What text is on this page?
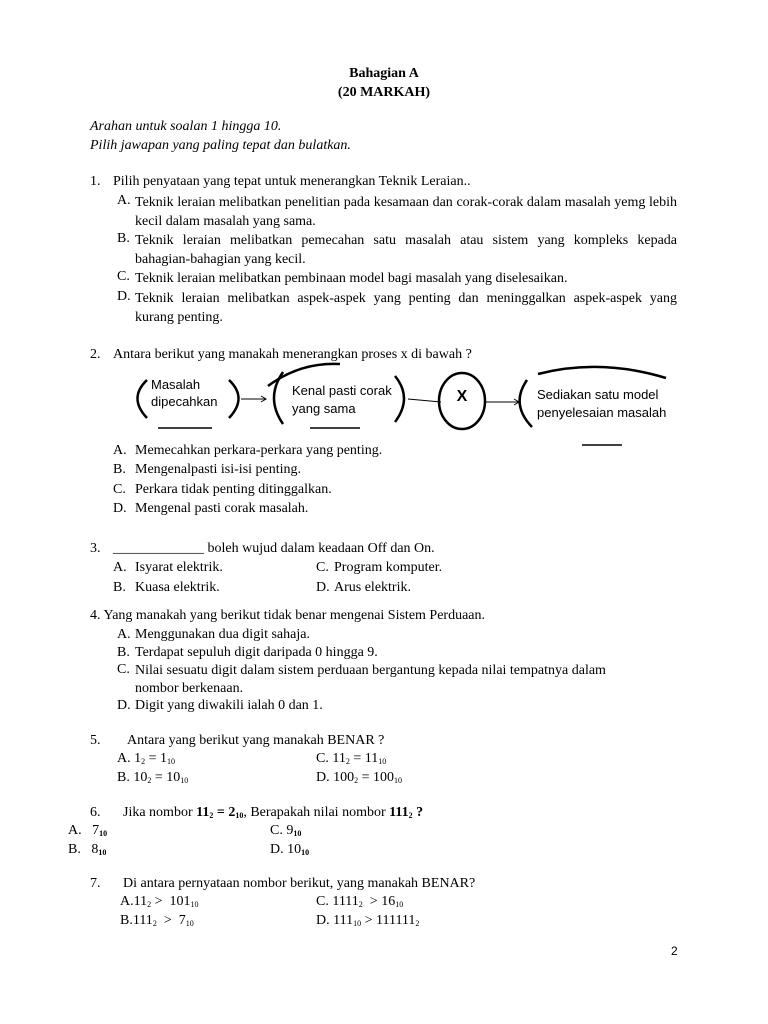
Bahagian A
(20 MARKAH)
Arahan untuk soalan 1 hingga 10.
Pilih jawapan yang paling tepat dan bulatkan.
1. Pilih penyataan yang tepat untuk menerangkan Teknik Leraian..
A. Teknik leraian melibatkan penelitian pada kesamaan dan corak-corak dalam masalah yemg lebih kecil dalam masalah yang sama.
B. Teknik leraian melibatkan pemecahan satu masalah atau sistem yang kompleks kepada bahagian-bahagian yang kecil.
C. Teknik leraian melibatkan pembinaan model bagi masalah yang diselesaikan.
D. Teknik leraian melibatkan aspek-aspek yang penting dan meninggalkan aspek-aspek yang kurang penting.
2. Antara berikut yang manakah menerangkan proses x di bawah ?
Masalah
dipecahkan
Kenal pasti corak
yang sama
X	Sediakan satu model
penyelesaian masalah
A. Memecahkan perkara-perkara yang penting.
B. Mengenalpasti isi-isi penting.
C. Perkara tidak penting ditinggalkan.
D. Mengenal pasti corak masalah.
3. _____________ boleh wujud dalam keadaan Off dan On.
A. Isyarat elektrik.	C. Program komputer.
B. Kuasa elektrik.	D. Arus elektrik.
4. Yang manakah yang berikut tidak benar mengenai Sistem Perduaan.
A. Menggunakan dua digit sahaja.
B. Terdapat sepuluh digit daripada 0 hingga 9.
C. Nilai sesuatu digit dalam sistem perduaan bergantung kepada nilai tempatnya dalam nombor berkenaan.
D. Digit yang diwakili ialah 0 dan 1.
5. Antara yang berikut yang manakah BENAR ?
A. $1_2 = 1_{10}$	C. $11_2 = 11_{10}$
B. $10_2 = 10_{10}$	D. $100_2 = 100_{10}$
6. Jika nombor $11_2 = 2_{10}$, Berapakah nilai nombor $111_2$ ?
A. $7_{10}$	C. $9_{10}$
B. $8_{10}$	D. $10_{10}$
7. Di antara pernyataan nombor berikut, yang manakah BENAR?
$A.11_2 > 101_{10}$	C. $1111_2 > 16_{10}$
$B.111_2 > 7_{10}$	D. $111_{10} > 111111_2$
2
